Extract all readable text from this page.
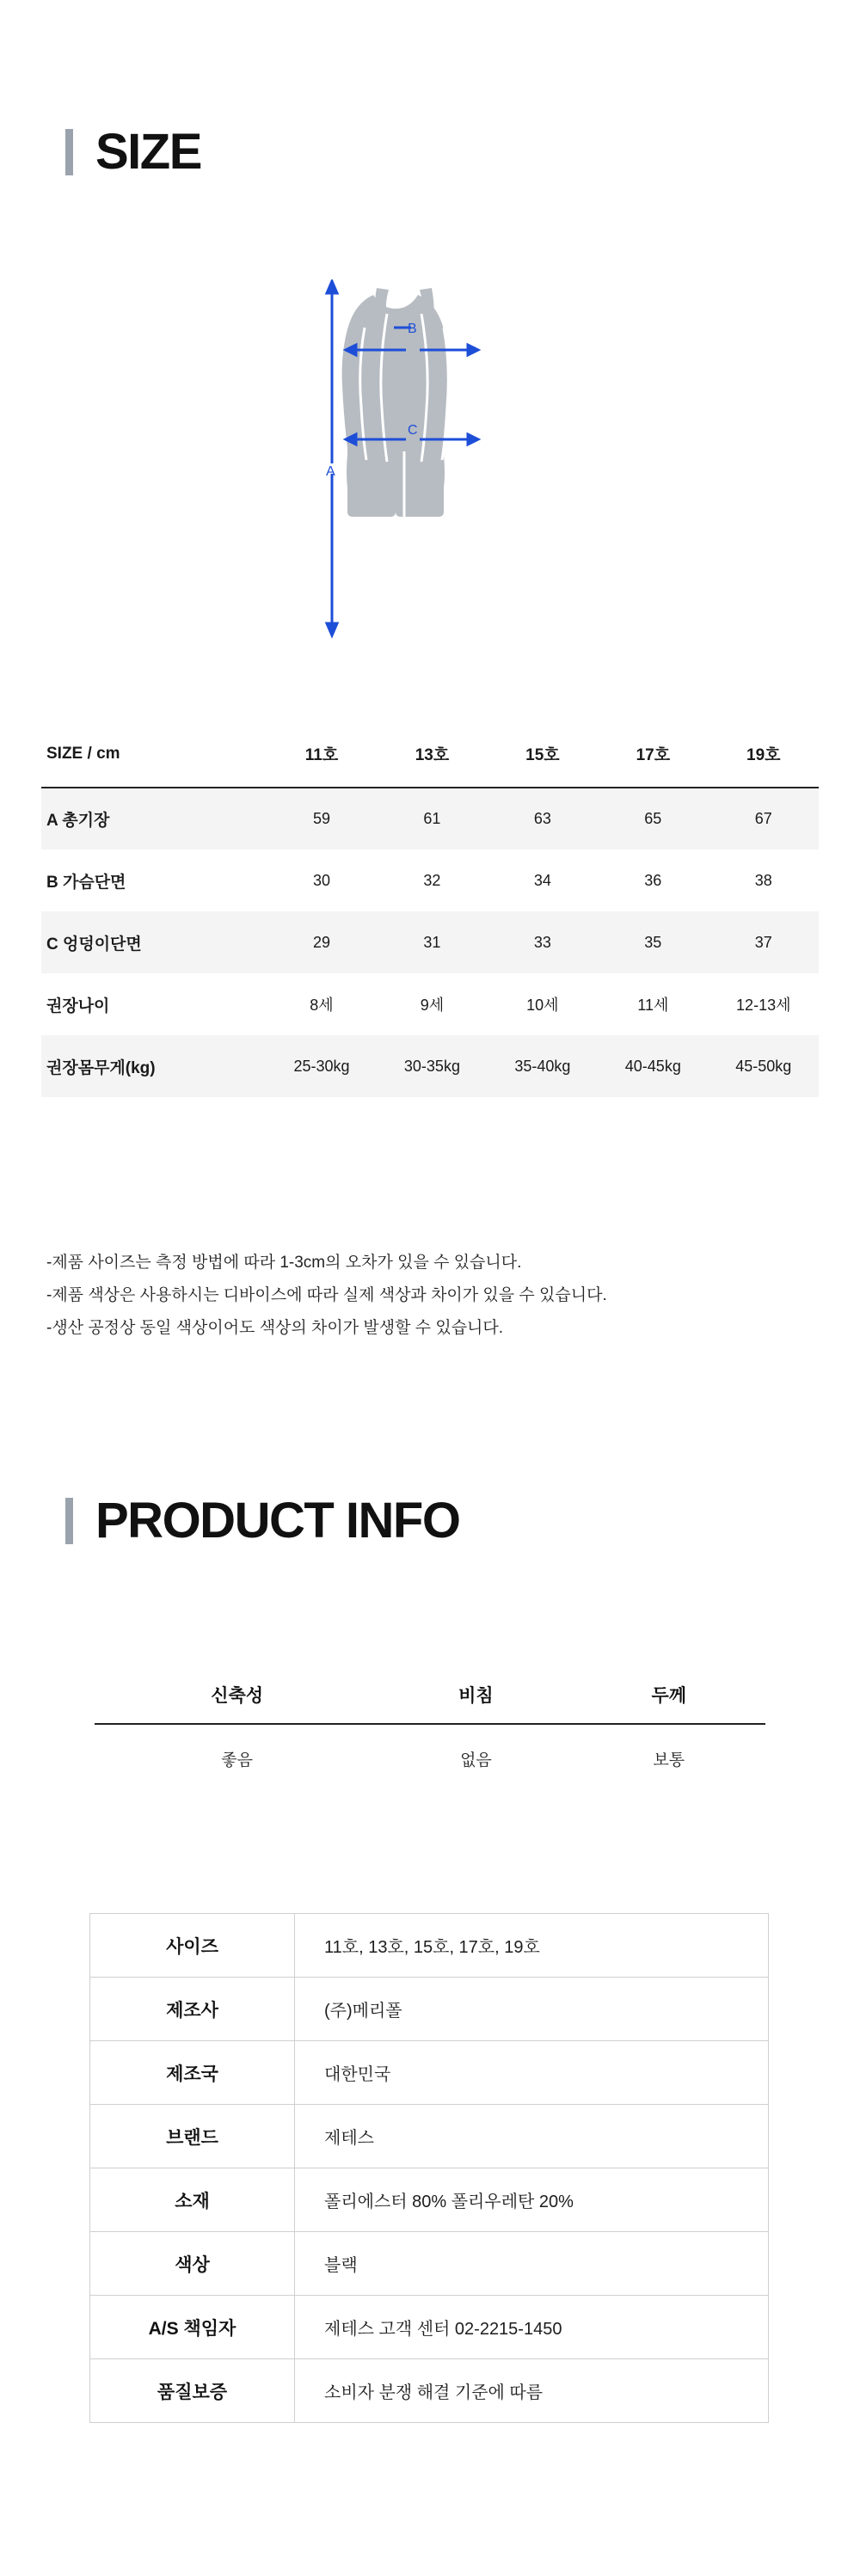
SIZE
A
B
C
SIZE / cm	11호	13호	15호	17호	19호
A 총기장	59	61	63	65	67
B 가슴단면	30	32	34	36	38
C 엉덩이단면	29	31	33	35	37
권장나이	8세	9세	10세	11세	12-13세
권장몸무게(kg)	25-30kg	30-35kg	35-40kg	40-45kg	45-50kg
-제품 사이즈는 측정 방법에 따라 1-3cm의 오차가 있을 수 있습니다.
-제품 색상은 사용하시는 디바이스에 따라 실제 색상과 차이가 있을 수 있습니다.
-생산 공정상 동일 색상이어도 색상의 차이가 발생할 수 있습니다.
PRODUCT INFO
신축성	비침	두께
좋음	없음	보통
사이즈	11호, 13호, 15호, 17호, 19호
제조사	(주)메리폴
제조국	대한민국
브랜드	제테스
소재	폴리에스터 80% 폴리우레탄 20%
색상	블랙
A/S 책임자	제테스 고객 센터 02-2215-1450
품질보증	소비자 분쟁 해결 기준에 따름
